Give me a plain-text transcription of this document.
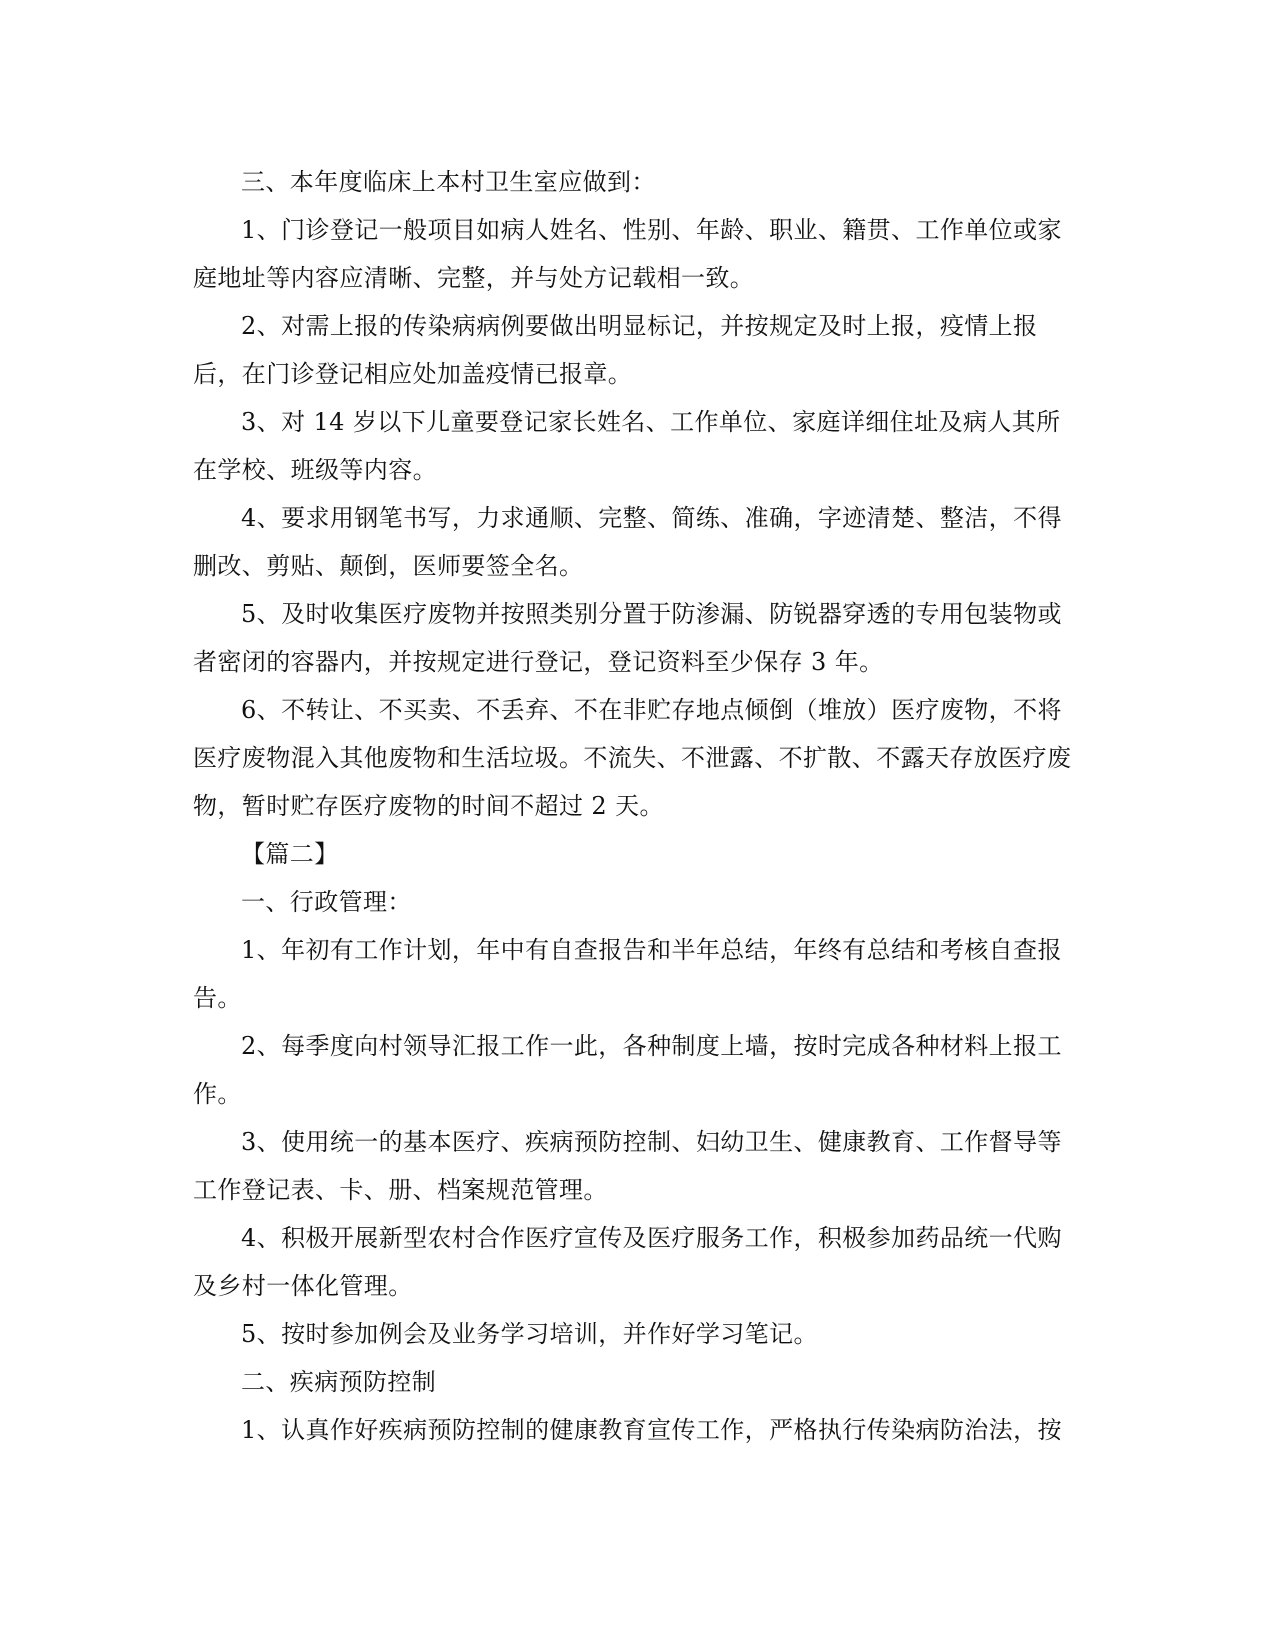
三、本年度临床上本村卫生室应做到：

1、门诊登记一般项目如病人姓名、性别、年龄、职业、籍贯、工作单位或家庭地址等内容应清晰、完整，并与处方记载相一致。

2、对需上报的传染病病例要做出明显标记，并按规定及时上报，疫情上报后，在门诊登记相应处加盖疫情已报章。

3、对 14 岁以下儿童要登记家长姓名、工作单位、家庭详细住址及病人其所在学校、班级等内容。

4、要求用钢笔书写，力求通顺、完整、简练、准确，字迹清楚、整洁，不得删改、剪贴、颠倒，医师要签全名。

5、及时收集医疗废物并按照类别分置于防渗漏、防锐器穿透的专用包装物或者密闭的容器内，并按规定进行登记，登记资料至少保存 3 年。

6、不转让、不买卖、不丢弃、不在非贮存地点倾倒（堆放）医疗废物，不将医疗废物混入其他废物和生活垃圾。不流失、不泄露、不扩散、不露天存放医疗废物，暂时贮存医疗废物的时间不超过 2 天。

【篇二】

一、行政管理：

1、年初有工作计划，年中有自查报告和半年总结，年终有总结和考核自查报告。

2、每季度向村领导汇报工作一此，各种制度上墙，按时完成各种材料上报工作。

3、使用统一的基本医疗、疾病预防控制、妇幼卫生、健康教育、工作督导等工作登记表、卡、册、档案规范管理。

4、积极开展新型农村合作医疗宣传及医疗服务工作，积极参加药品统一代购及乡村一体化管理。

5、按时参加例会及业务学习培训，并作好学习笔记。

二、疾病预防控制

1、认真作好疾病预防控制的健康教育宣传工作，严格执行传染病防治法，按
